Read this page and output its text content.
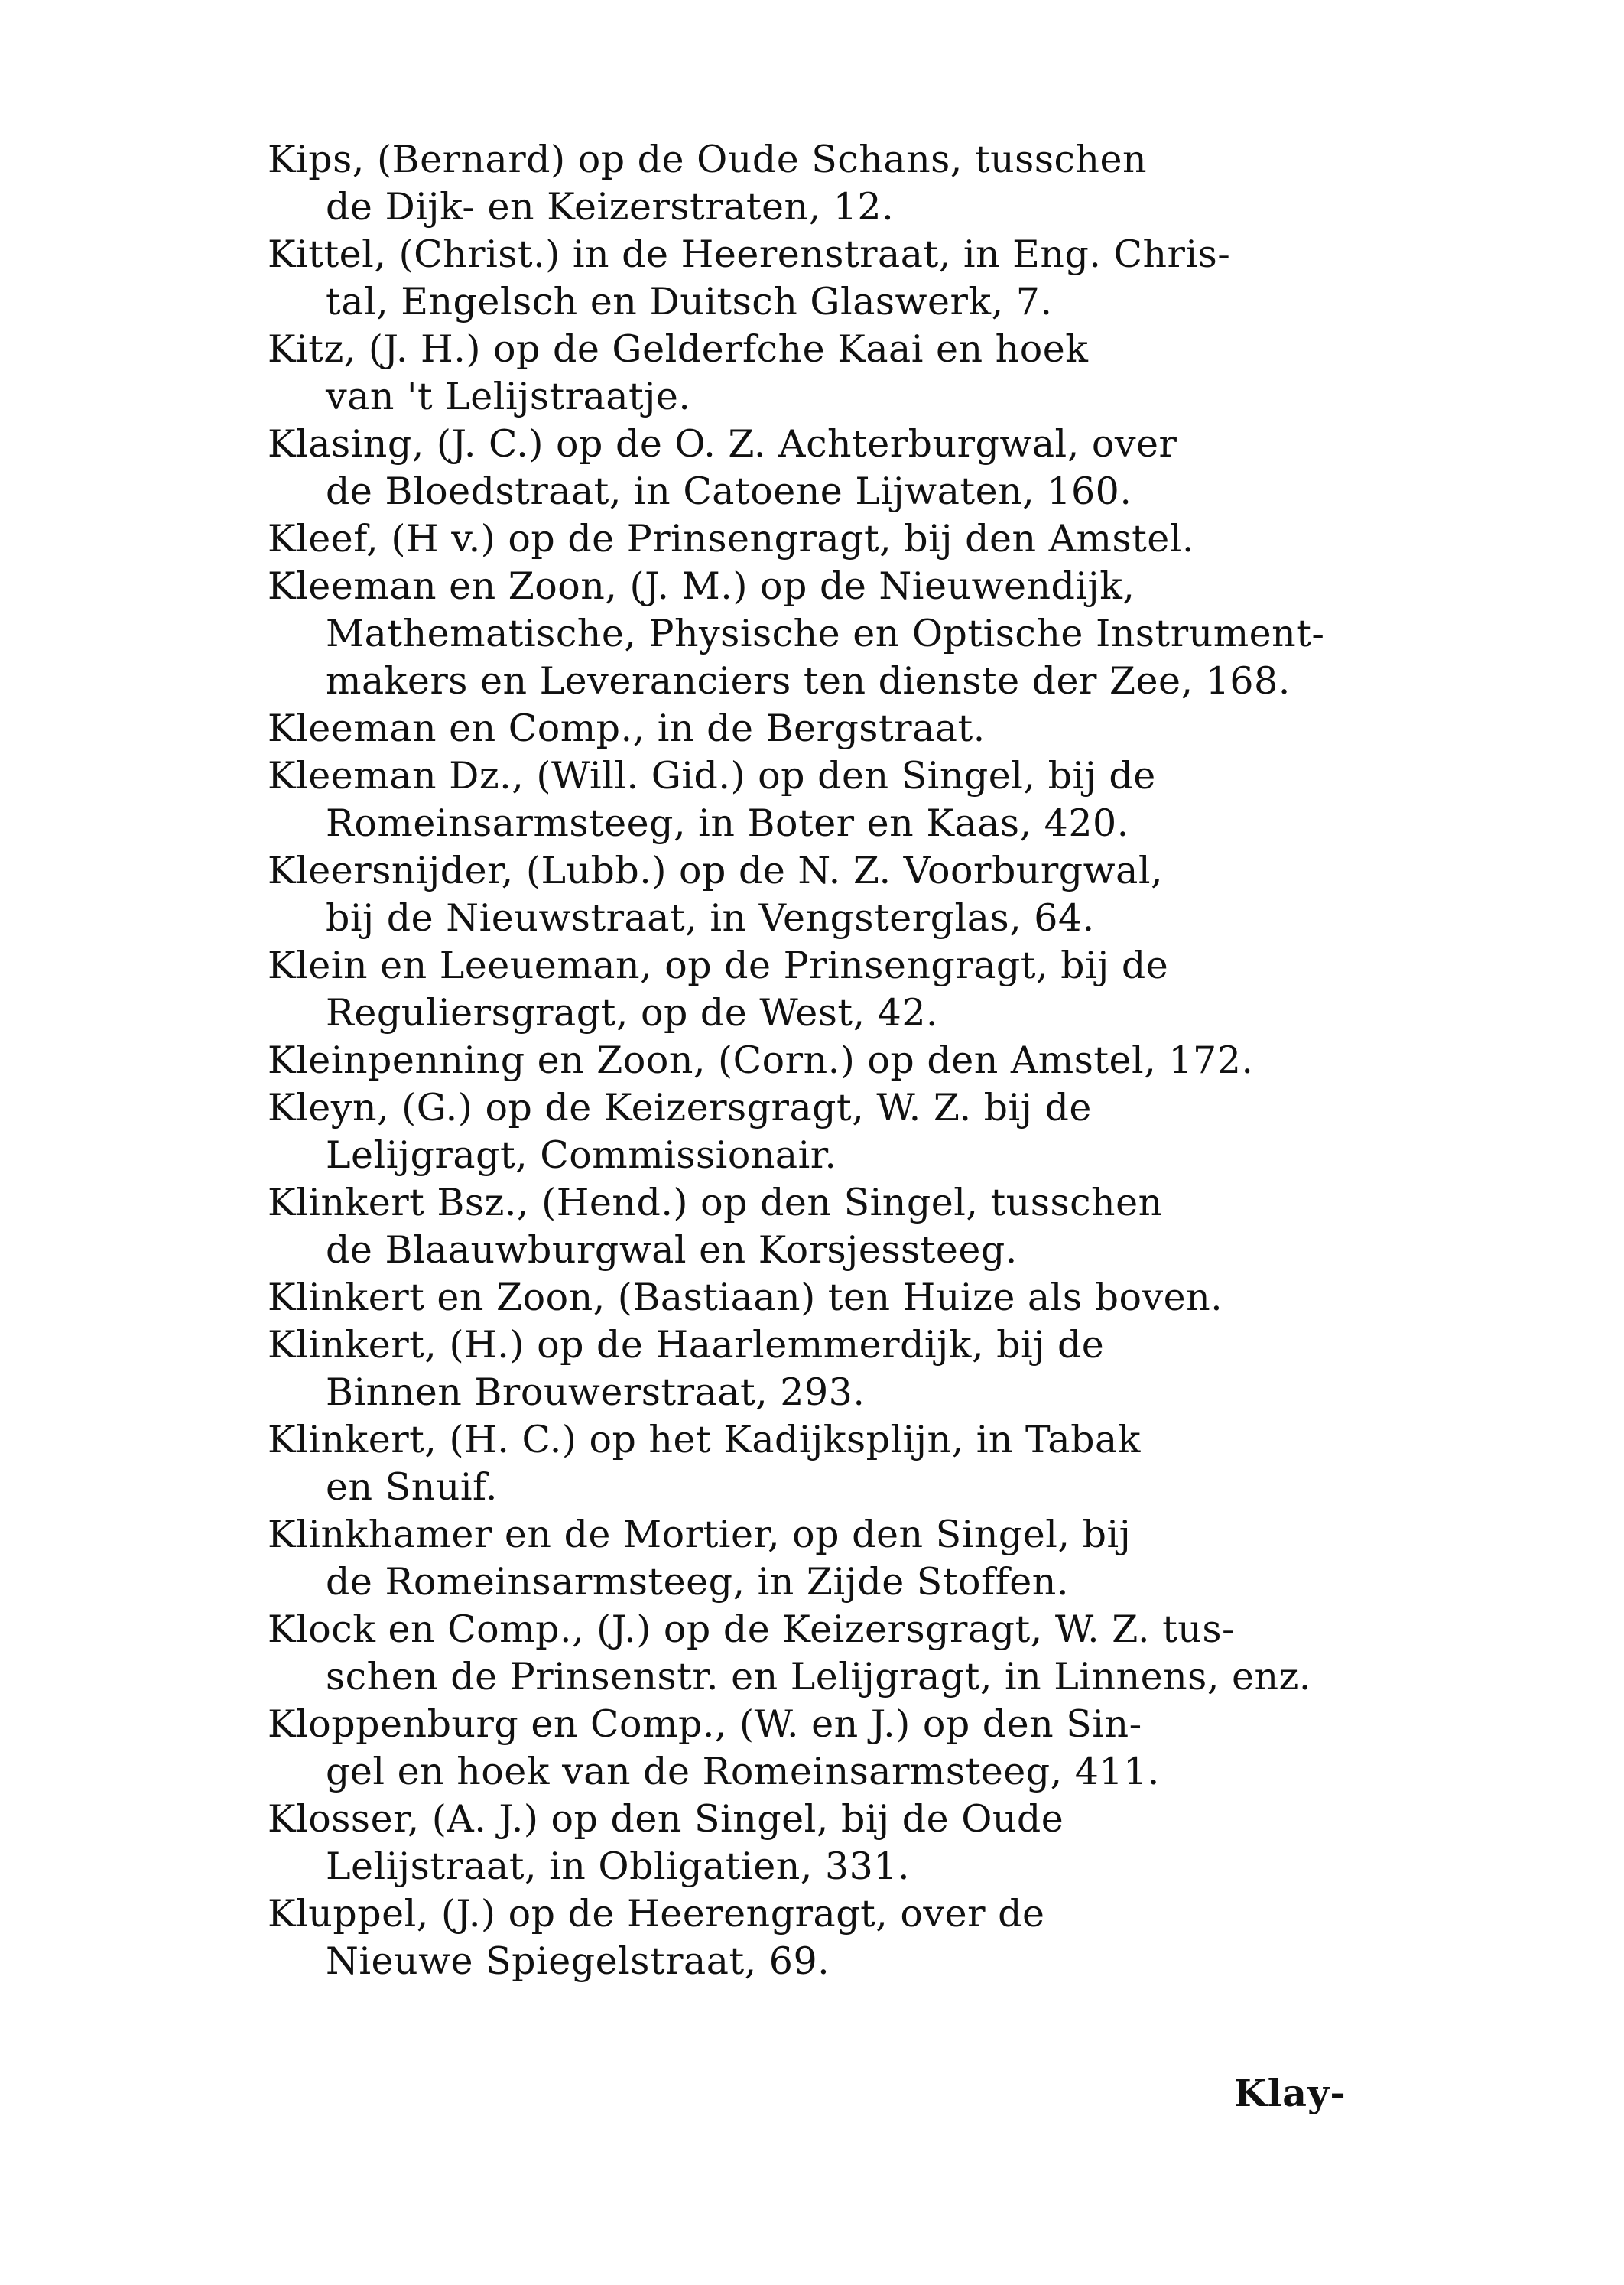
Kips, (Bernard) op de Oude Schans, tusschen
de Dijk- en Keizerstraten, 12.
Kittel, (Christ.) in de Heerenstraat, in Eng. Chris-
tal, Engelsch en Duitsch Glaswerk, 7.
Kitz, (J. H.) op de Gelderfche Kaai en hoek
van 't Lelijstraatje.
Klasing, (J. C.) op de O. Z. Achterburgwal, over
de Bloedstraat, in Catoene Lijwaten, 160.
Kleef, (H v.) op de Prinsengragt, bij den Amstel.
Kleeman en Zoon, (J. M.) op de Nieuwendijk,
Mathematische, Physische en Optische Instrument-
makers en Leveranciers ten dienste der Zee, 168.
Kleeman en Comp., in de Bergstraat.
Kleeman Dz., (Will. Gid.) op den Singel, bij de
Romeinsarmsteeg, in Boter en Kaas, 420.
Kleersnijder, (Lubb.) op de N. Z. Voorburgwal,
bij de Nieuwstraat, in Vengsterglas, 64.
Klein en Leeueman, op de Prinsengragt, bij de
Reguliersgragt, op de West, 42.
Kleinpenning en Zoon, (Corn.) op den Amstel, 172.
Kleyn, (G.) op de Keizersgragt, W. Z. bij de
Lelijgragt, Commissionair.
Klinkert Bsz., (Hend.) op den Singel, tusschen
de Blaauwburgwal en Korsjessteeg.
Klinkert en Zoon, (Bastiaan) ten Huize als boven.
Klinkert, (H.) op de Haarlemmerdijk, bij de
Binnen Brouwerstraat, 293.
Klinkert, (H. C.) op het Kadijksplijn, in Tabak
en Snuif.
Klinkhamer en de Mortier, op den Singel, bij
de Romeinsarmsteeg, in Zijde Stoffen.
Klock en Comp., (J.) op de Keizersgragt, W. Z. tus-
schen de Prinsenstr. en Lelijgragt, in Linnens, enz.
Kloppenburg en Comp., (W. en J.) op den Sin-
gel en hoek van de Romeinsarmsteeg, 411.
Klosser, (A. J.) op den Singel, bij de Oude
Lelijstraat, in Obligatien, 331.
Kluppel, (J.) op de Heerengragt, over de
Nieuwe Spiegelstraat, 69.
Klay-
